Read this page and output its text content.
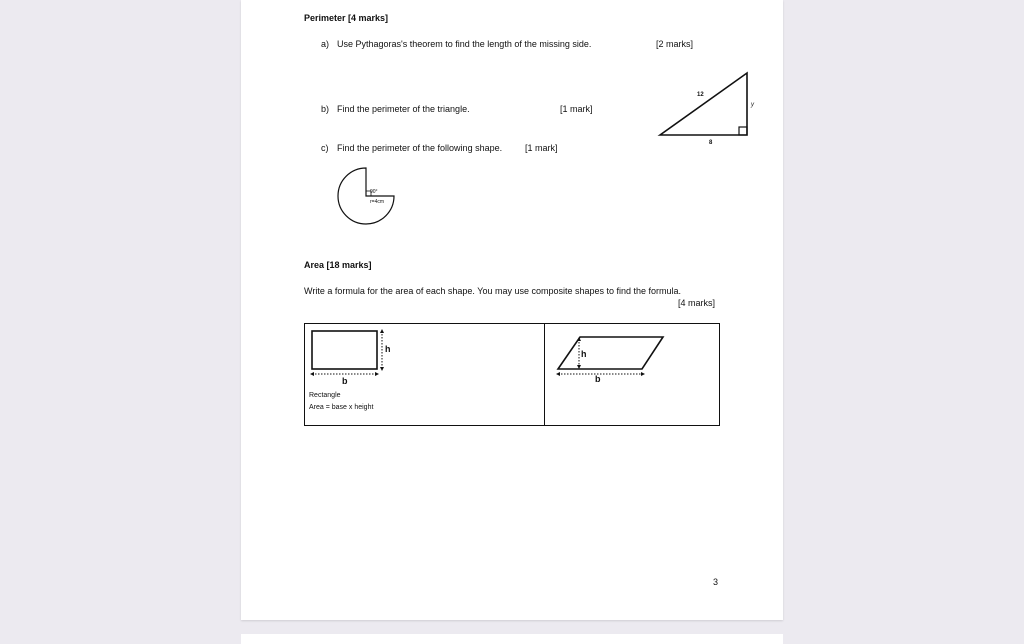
Perimeter [4 marks]
a) Use Pythagoras's theorem to find the length of the missing side.	[2 marks]
b) Find the perimeter of the triangle.	[1 mark]
c) Find the perimeter of the following shape.	[1 mark]
12
y
8
90°
r=4cm
Area [18 marks]
Write a formula for the area of each shape. You may use composite shapes to find the formula.
[4 marks]
h
b
Rectangle
Area = base x height
h
b
3
